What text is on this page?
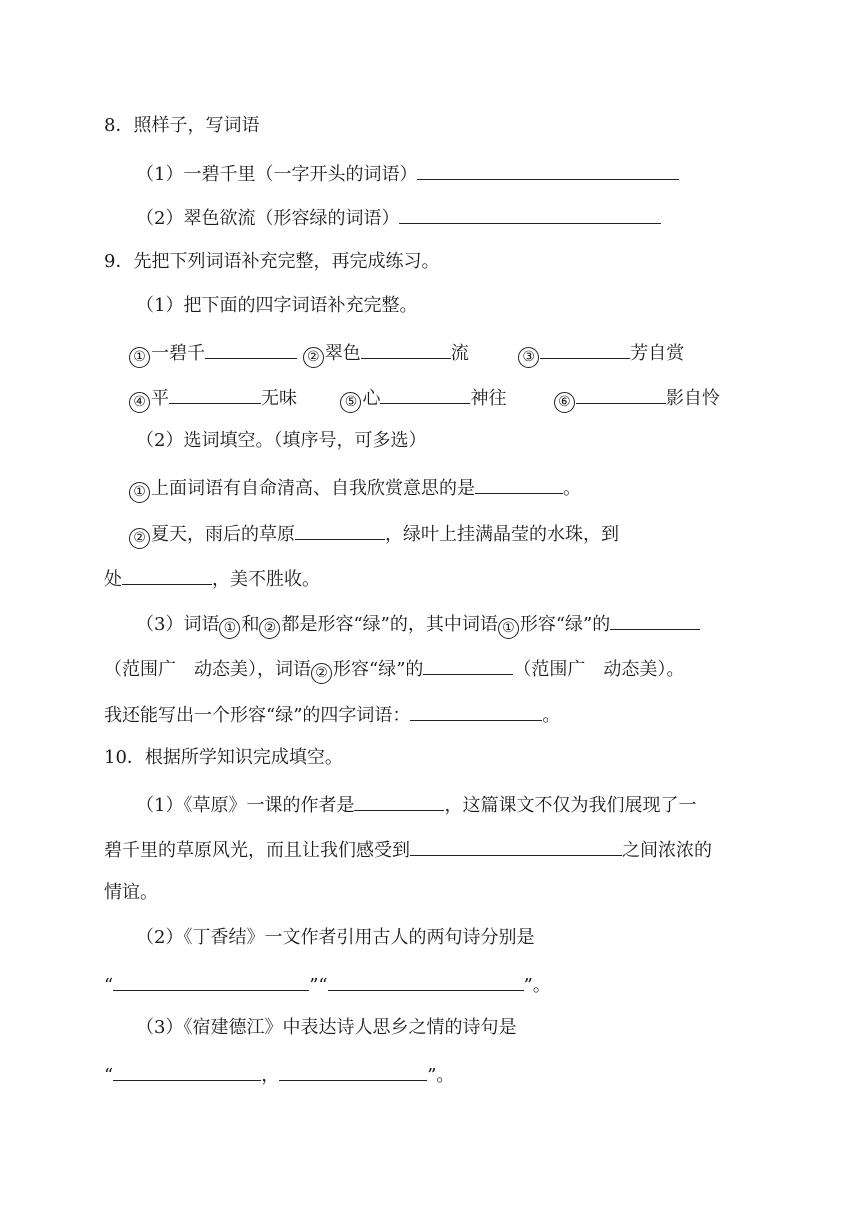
8．照样子，写词语
（1）一碧千里（一字开头的词语）
（2）翠色欲流（形容绿的词语）
9．先把下列词语补充完整，再完成练习。
（1）把下面的四字词语补充完整。
① 一碧千	② 翠色	流	③	芳自赏
④ 平	无味	⑤ 心	神往	⑥	影自怜
（2）选词填空。（填序号，可多选）
① 上面词语有自命清高、自我欣赏意思的是	。
② 夏天，雨后的草原	，绿叶上挂满晶莹的水珠，到
处	，美不胜收。
（3）词语 ① 和 ② 都是形容“绿”的，其中词语 ① 形容“绿”的
（范围广　动态美），词语 ② 形容“绿”的	（范围广　动态美）。
我还能写出一个形容“绿”的四字词语：	。
10．根据所学知识完成填空。
（1）《草原》一课的作者是	，这篇课文不仅为我们展现了一
碧千里的草原风光，而且让我们感受到	之间浓浓的
情谊。
（2）《丁香结》一文作者引用古人的两句诗分别是
“	”“	”。
（3）《宿建德江》中表达诗人思乡之情的诗句是
“	，	”。
